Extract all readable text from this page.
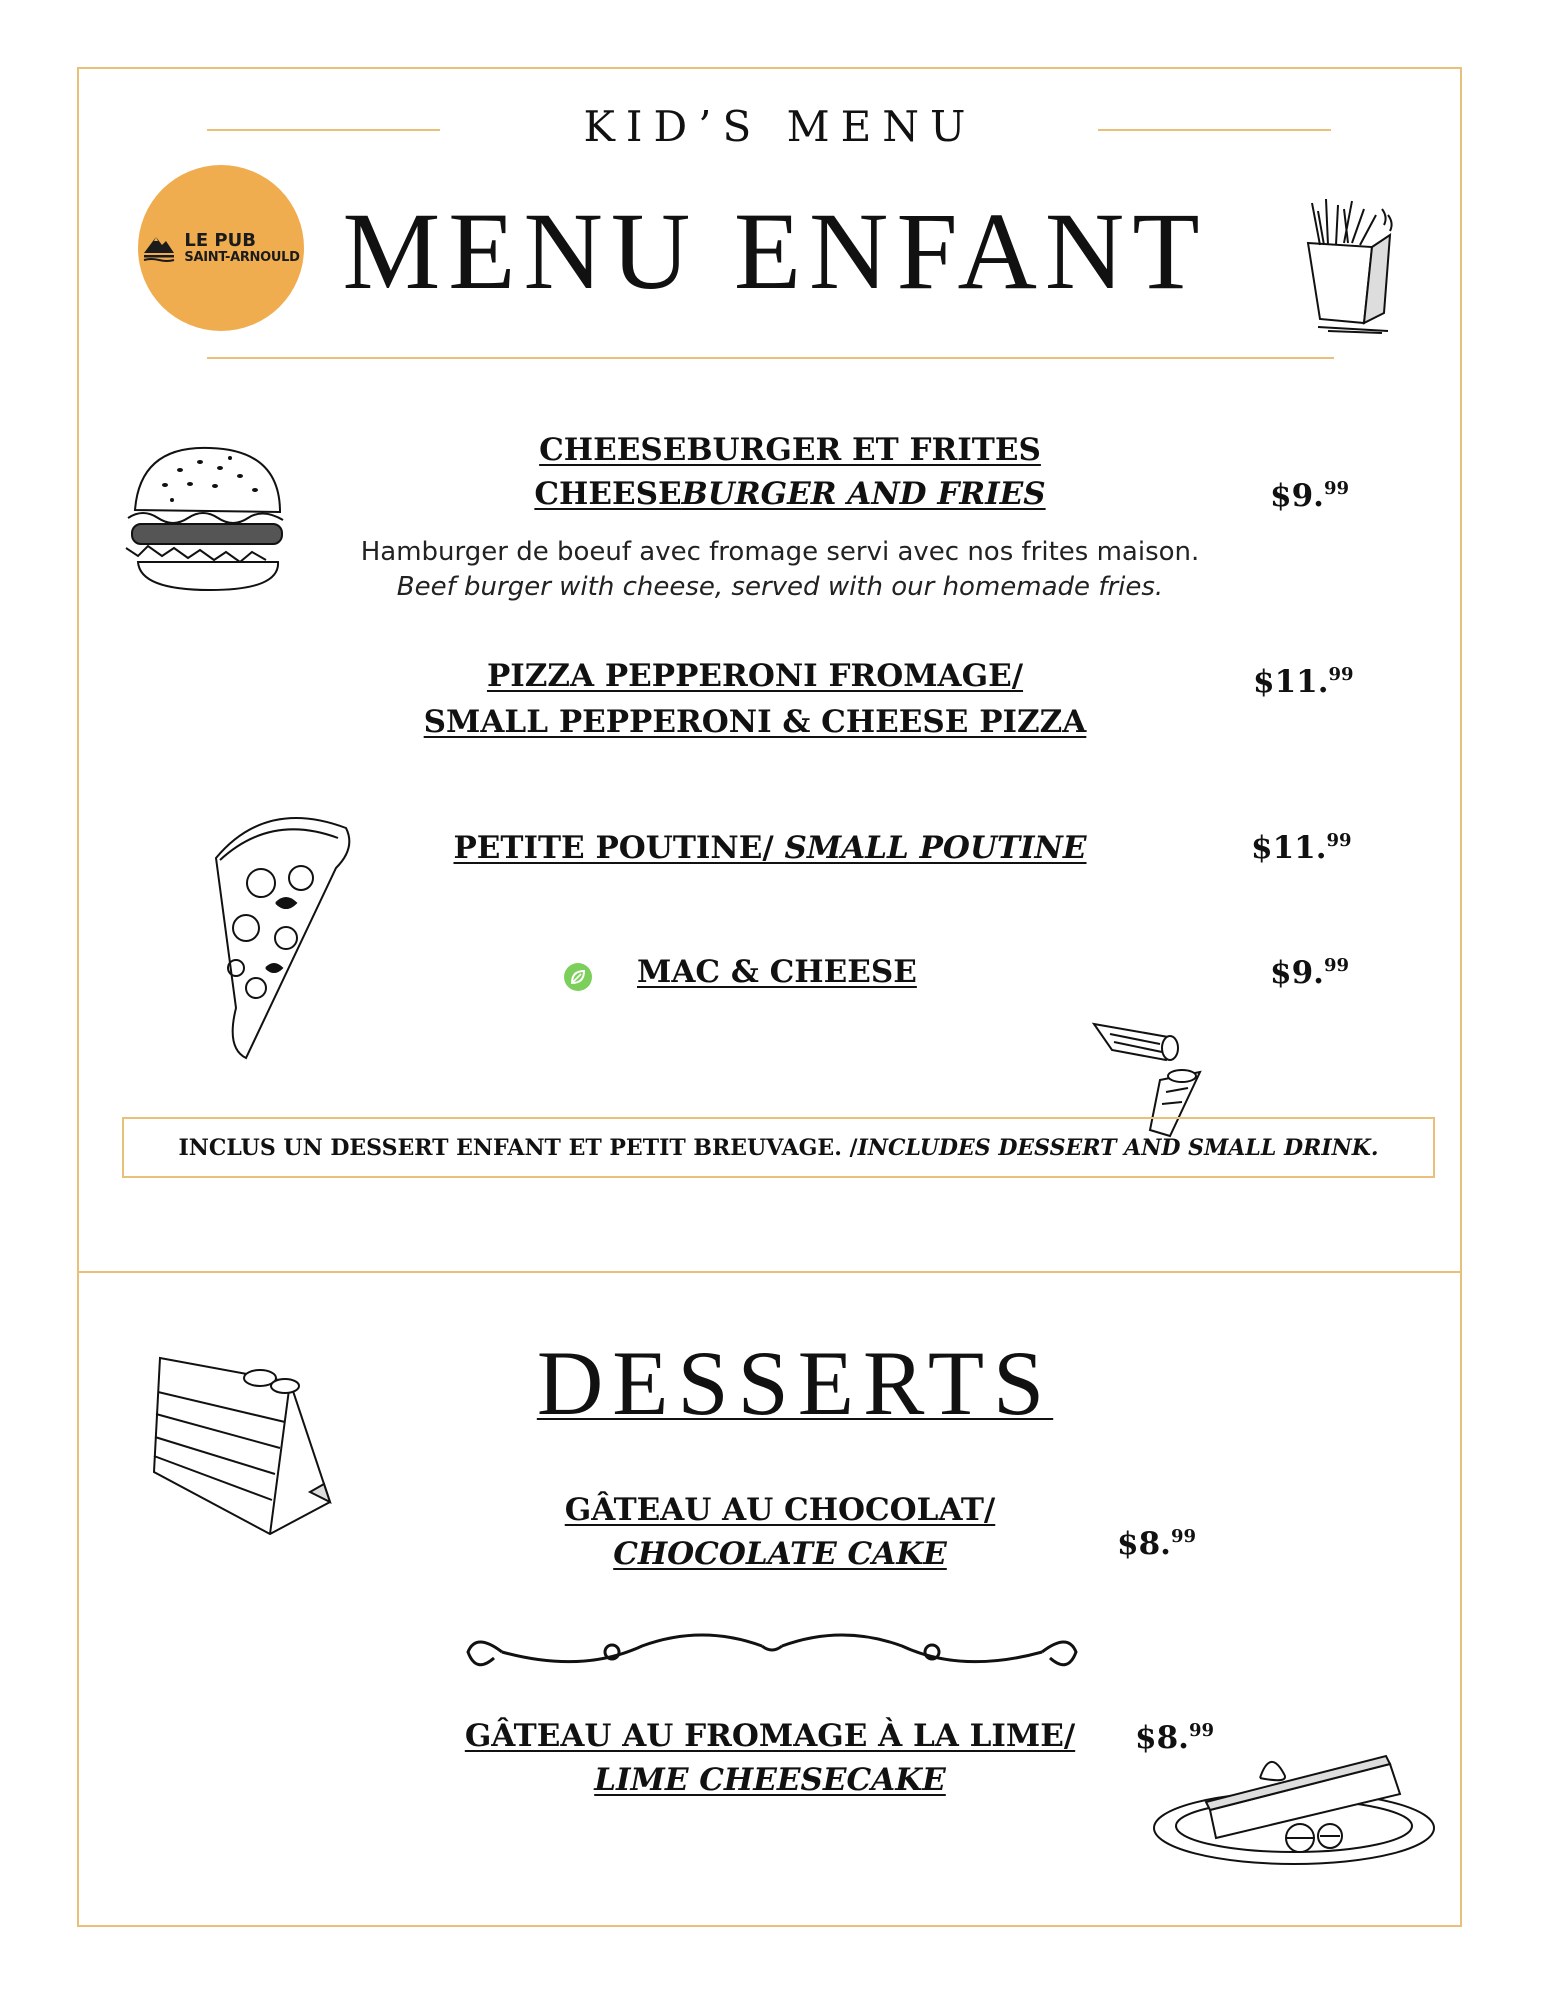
KID’S MENU
MENU ENFANT
LE PUB
SAINT-ARNOULD
CHEESEBURGER ET FRITES
CHEESEBURGER AND FRIES	$9.99
Hamburger de boeuf avec fromage servi avec nos frites maison.
Beef burger with cheese, served with our homemade fries.
PIZZA PEPPERONI FROMAGE/
SMALL PEPPERONI & CHEESE PIZZA
$11.99
PETITE POUTINE/ SMALL POUTINE	$11.99
MAC & CHEESE	$9.99
INCLUS UN DESSERT ENFANT ET PETIT BREUVAGE. / INCLUDES DESSERT AND SMALL DRINK.
DESSERTS
GÂTEAU AU CHOCOLAT/
CHOCOLATE CAKE	$8.99
GÂTEAU AU FROMAGE À LA LIME/
LIME CHEESECAKE
$8.99
